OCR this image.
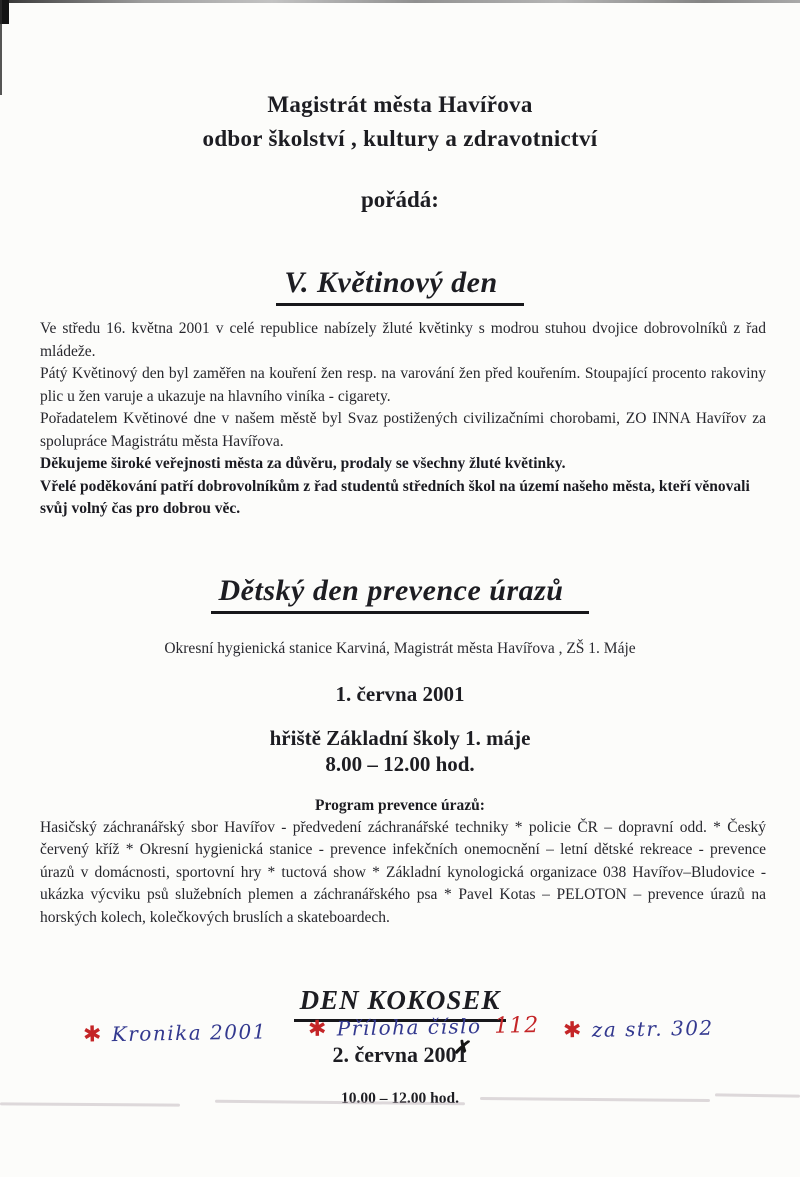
Magistrát města Havířova
odbor školství , kultury a zdravotnictví
pořádá:
V. Květinový den

Ve středu 16. května 2001 v celé republice nabízely žluté květinky s modrou stuhou dvojice dobrovolníků z řad mládeže.

Pátý Květinový den byl zaměřen na kouření žen resp. na varování žen před kouřením. Stoupající procento rakoviny plic u žen varuje a ukazuje na hlavního viníka - cigarety.

Pořadatelem Květinové dne v našem městě byl Svaz postižených civilizačními chorobami, ZO INNA Havířov za spolupráce Magistrátu města Havířova.

Děkujeme široké veřejnosti města za důvěru, prodaly se všechny žluté květinky.

Vřelé poděkování patří dobrovolníkům z řad studentů středních škol na území našeho města, kteří věnovali

svůj volný čas pro dobrou věc.

Dětský den prevence úrazů
Okresní hygienická stanice Karviná, Magistrát města Havířova , ZŠ 1. Máje
1. června 2001
hřiště Základní školy 1. máje
8.00 – 12.00 hod.
Program prevence úrazů:
Hasičský záchranářský sbor Havířov - předvedení záchranářské techniky * policie ČR – dopravní odd. * Český červený kříž * Okresní hygienická stanice - prevence infekčních onemocnění – letní dětské rekreace - prevence úrazů v domácnosti, sportovní hry * tuctová show * Základní kynologická organizace 038 Havířov–Bludovice - ukázka výcviku psů služebních plemen a záchranářského psa * Pavel Kotas – PELOTON – prevence úrazů na horských kolech, kolečkových bruslích a skateboardech.
DEN KOKOSEK
2. června 2001
10.00 – 12.00 hod.
✱ Kronika 2001 ✱ Příloha číslo 112 ✱ za str. 302
